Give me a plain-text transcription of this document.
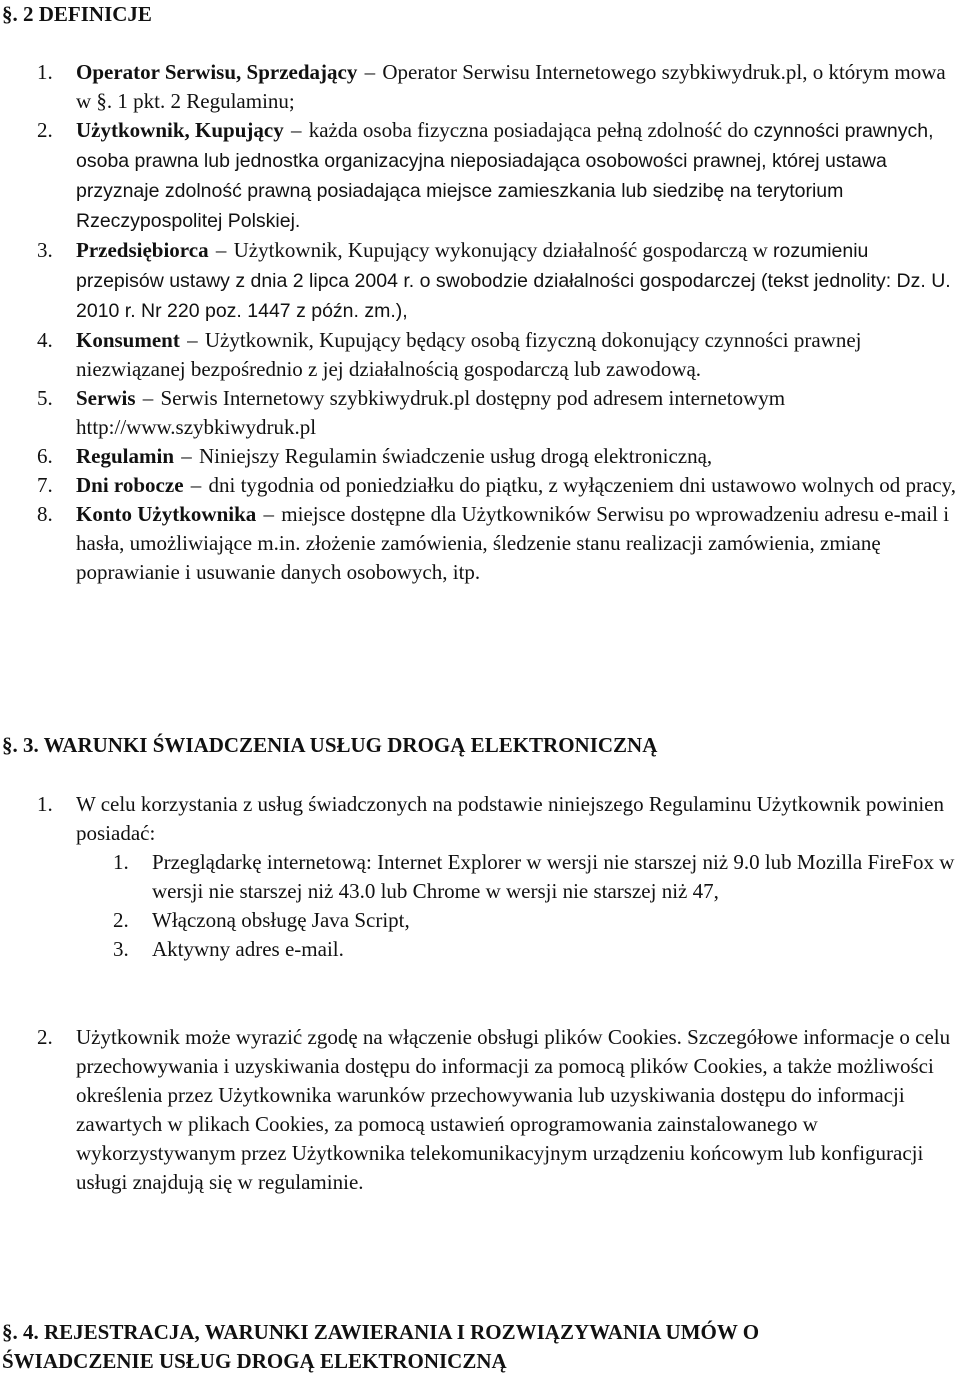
§. 2 DEFINICJE
1. Operator Serwisu, Sprzedający – Operator Serwisu Internetowego szybkiwydruk.pl, o którym mowa w §. 1 pkt. 2 Regulaminu;
2. Użytkownik, Kupujący – każda osoba fizyczna posiadająca pełną zdolność do czynności prawnych, osoba prawna lub jednostka organizacyjna nieposiadająca osobowości prawnej, której ustawa przyznaje zdolność prawną posiadająca miejsce zamieszkania lub siedzibę na terytorium Rzeczypospolitej Polskiej.
3. Przedsiębiorca – Użytkownik, Kupujący wykonujący działalność gospodarczą w rozumieniu przepisów ustawy z dnia 2 lipca 2004 r. o swobodzie działalności gospodarczej (tekst jednolity: Dz. U. 2010 r. Nr 220 poz. 1447 z późn. zm.),
4. Konsument – Użytkownik, Kupujący będący osobą fizyczną dokonujący czynności prawnej niezwiązanej bezpośrednio z jej działalnością gospodarczą lub zawodową.
5. Serwis – Serwis Internetowy szybkiwydruk.pl dostępny pod adresem internetowym http://www.szybkiwydruk.pl
6. Regulamin – Niniejszy Regulamin świadczenie usług drogą elektroniczną,
7. Dni robocze – dni tygodnia od poniedziałku do piątku, z wyłączeniem dni ustawowo wolnych od pracy,
8. Konto Użytkownika – miejsce dostępne dla Użytkowników Serwisu po wprowadzeniu adresu e-mail i hasła, umożliwiające m.in. złożenie zamówienia, śledzenie stanu realizacji zamówienia, zmianę poprawianie i usuwanie danych osobowych, itp.
§. 3. WARUNKI ŚWIADCZENIA USŁUG DROGĄ ELEKTRONICZNĄ
1. W celu korzystania z usług świadczonych na podstawie niniejszego Regulaminu Użytkownik powinien posiadać:
1. Przeglądarkę internetową: Internet Explorer w wersji nie starszej niż 9.0 lub Mozilla FireFox w wersji nie starszej niż 43.0 lub Chrome w wersji nie starszej niż 47,
2. Włączoną obsługę Java Script,
3. Aktywny adres e-mail.
2. Użytkownik może wyrazić zgodę na włączenie obsługi plików Cookies. Szczegółowe informacje o celu przechowywania i uzyskiwania dostępu do informacji za pomocą plików Cookies, a także możliwości określenia przez Użytkownika warunków przechowywania lub uzyskiwania dostępu do informacji zawartych w plikach Cookies, za pomocą ustawień oprogramowania zainstalowanego w wykorzystywanym przez Użytkownika telekomunikacyjnym urządzeniu końcowym lub konfiguracji usługi znajdują się w regulaminie.
§. 4. REJESTRACJA, WARUNKI ZAWIERANIA I ROZWIĄZYWANIA UMÓW O
ŚWIADCZENIE USŁUG DROGĄ ELEKTRONICZNĄ
